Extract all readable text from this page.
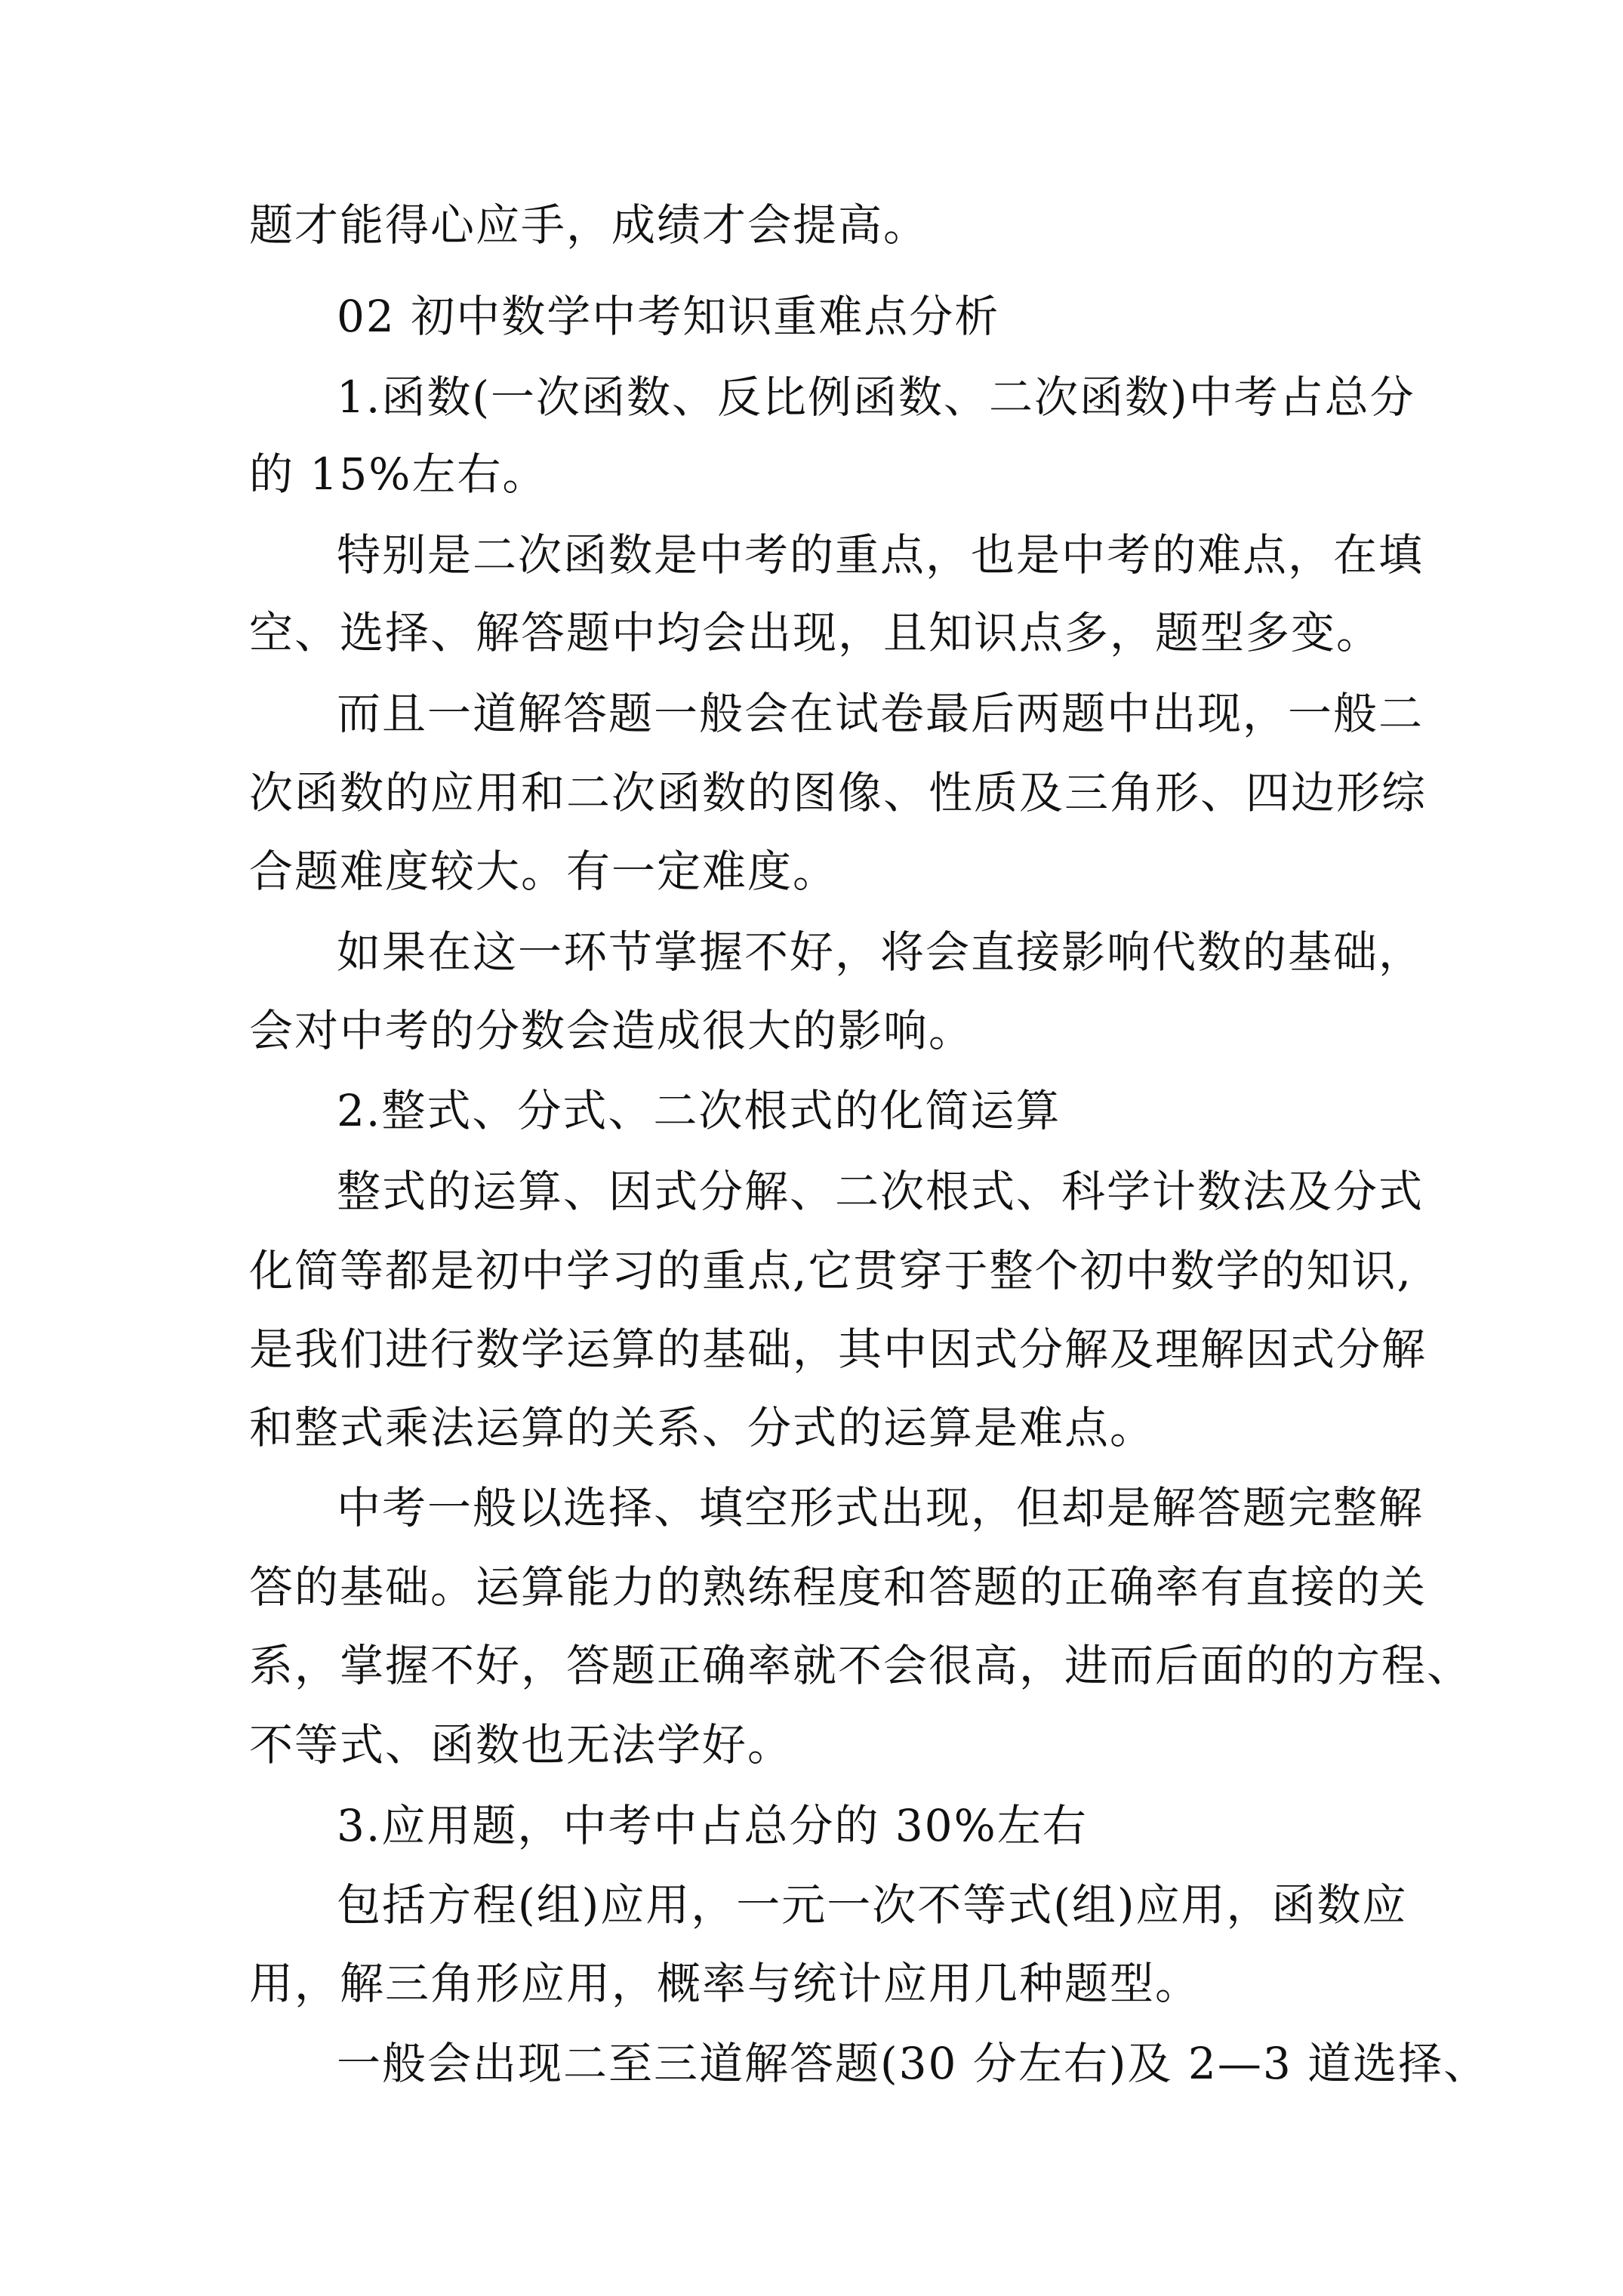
题才能得心应手，成绩才会提高。
02 初中数学中考知识重难点分析
1.函数(一次函数、反比例函数、二次函数)中考占总分
的 15%左右。
特别是二次函数是中考的重点，也是中考的难点，在填
空、选择、解答题中均会出现，且知识点多，题型多变。
而且一道解答题一般会在试卷最后两题中出现，一般二
次函数的应用和二次函数的图像、性质及三角形、四边形综
合题难度较大。有一定难度。
如果在这一环节掌握不好，将会直接影响代数的基础，
会对中考的分数会造成很大的影响。
2.整式、分式、二次根式的化简运算
整式的运算、因式分解、二次根式、科学计数法及分式
化简等都是初中学习的重点,它贯穿于整个初中数学的知识,
是我们进行数学运算的基础，其中因式分解及理解因式分解
和整式乘法运算的关系、分式的运算是难点。
中考一般以选择、填空形式出现，但却是解答题完整解
答的基础。运算能力的熟练程度和答题的正确率有直接的关
系，掌握不好，答题正确率就不会很高，进而后面的的方程、
不等式、函数也无法学好。
3.应用题，中考中占总分的 30%左右
包括方程(组)应用，一元一次不等式(组)应用，函数应
用，解三角形应用，概率与统计应用几种题型。
一般会出现二至三道解答题(30 分左右)及 2—3 道选择、
